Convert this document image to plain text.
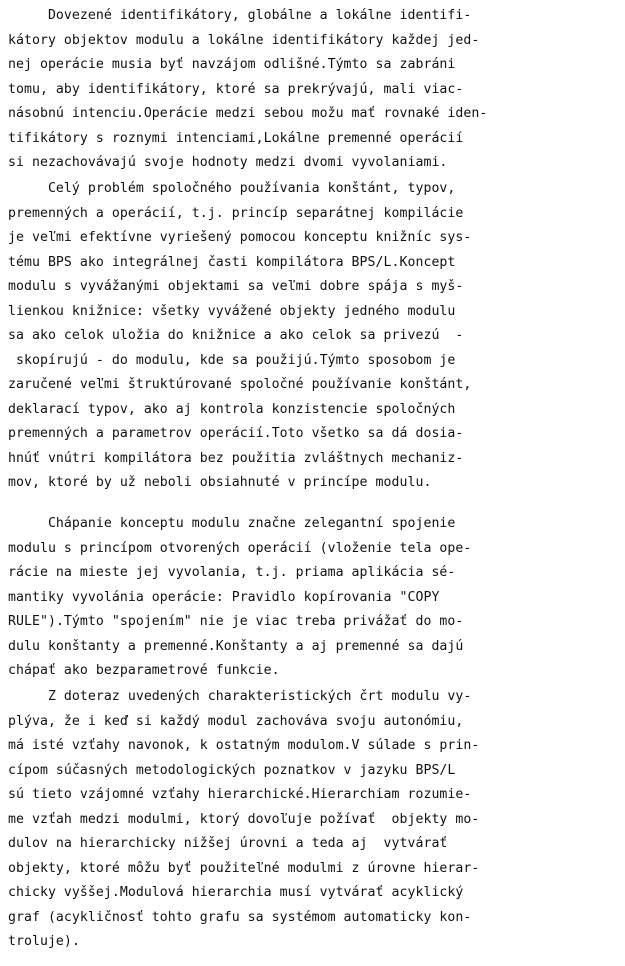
Dovezené identifikátory, globálne a lokálne identifi-
kátory objektov modulu a lokálne identifikátory každej jed-
nej operácie musia byť navzájom odlišné.Týmto sa zabráni
tomu, aby identifikátory, ktoré sa prekrývajú, mali viac-
násobnú intenciu.Operácie medzi sebou možu mať rovnaké iden-
tifikátory s roznymi intenciami,Lokálne premenné operácií
si nezachovávajú svoje hodnoty medzi dvomi vyvolaniami.
Celý problém spoločného používania konštánt, typov,
premenných a operácií, t.j. princíp separátnej kompilácie
je veľmi efektívne vyriešený pomocou konceptu knižníc sys-
tému BPS ako integrálnej časti kompilátora BPS/L.Koncept
modulu s vyvážanými objektami sa veľmi dobre spája s myš-
lienkou knižnice: všetky vyvážené objekty jedného modulu
sa ako celok uložia do knižnice a ako celok sa privezú  -
skopírujú - do modulu, kde sa použijú.Týmto sposobom je
zaručené veľmi štruktúrované spoločné používanie konštánt,
deklarací typov, ako aj kontrola konzistencie spoločných
premenných a parametrov operácií.Toto všetko sa dá dosia-
hnúť vnútri kompilátora bez použitia zvláštnych mechaniz-
mov, ktoré by už neboli obsiahnuté v princípe modulu.
Chápanie konceptu modulu značne zelegantní spojenie
modulu s princípom otvorených operácií (vloženie tela ope-
rácie na mieste jej vyvolania, t.j. priama aplikácia sé-
mantiky vyvolánia operácie: Pravidlo kopírovania "COPY
RULE").Týmto "spojením" nie je viac treba privážať do mo-
dulu konštanty a premenné.Konštanty a aj premenné sa dajú
chápať ako bezparametrové funkcie.
Z doteraz uvedených charakteristických črt modulu vy-
plýva, že i keď si každý modul zachováva svoju autonómiu,
má isté vzťahy navonok, k ostatným modulom.V súlade s prin-
cípom súčasných metodologických poznatkov v jazyku BPS/L
sú tieto vzájomné vzťahy hierarchické.Hierarchiam rozumie-
me vzťah medzi modulmi, ktorý dovoľuje požívať  objekty mo-
dulov na hierarchicky nižšej úrovni a teda aj  vytvárať
objekty, ktoré môžu byť použiteľné modulmi z úrovne hierar-
chicky vyššej.Modulová hierarchia musí vytvárať acyklický
graf (acykličnosť tohto grafu sa systémom automaticky kon-
troluje).
